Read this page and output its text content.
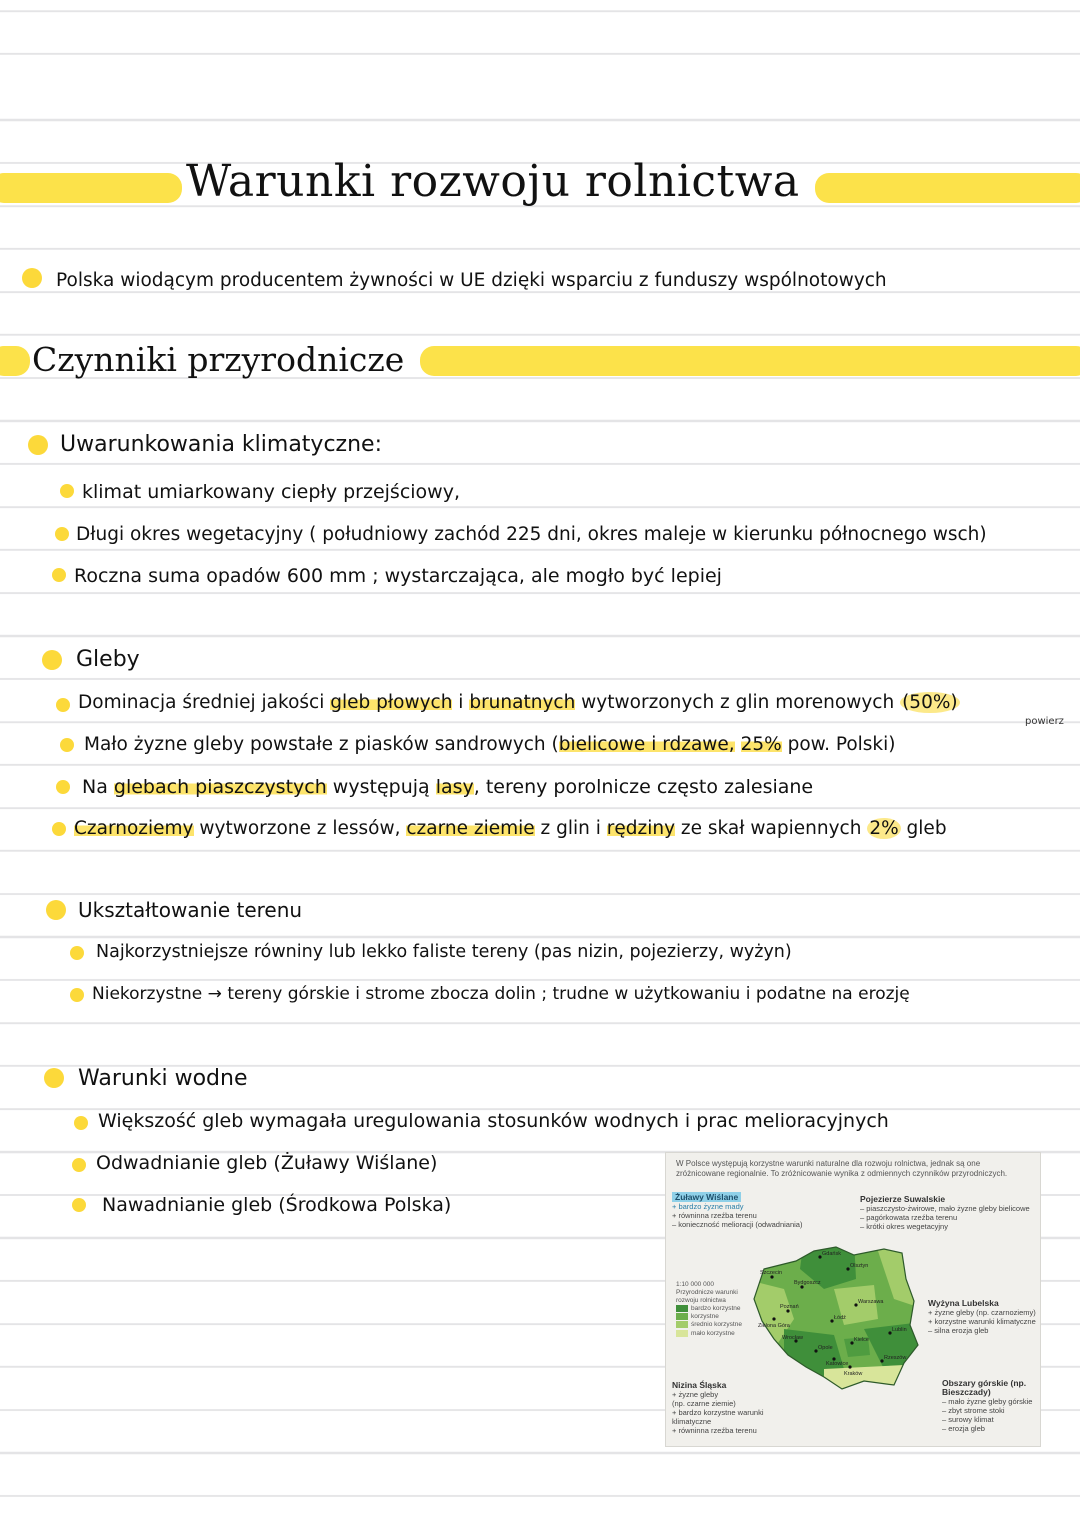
Warunki rozwoju rolnictwa
Polska wiodącym producentem żywności w UE dzięki wsparciu z funduszy wspólnotowych
Czynniki przyrodnicze
Uwarunkowania klimatyczne:
klimat umiarkowany ciepły przejściowy,
Długi okres wegetacyjny ( południowy zachód 225 dni, okres maleje w kierunku północnego wsch)
Roczna suma opadów 600 mm ; wystarczająca, ale mogło być lepiej
Gleby
Dominacja średniej jakości gleb płowych i brunatnych wytworzonych z glin morenowych (50%)
powierz
Mało żyzne gleby powstałe z piasków sandrowych (bielicowe i rdzawe, 25% pow. Polski)
Na glebach piaszczystych występują lasy, tereny porolnicze często zalesiane
Czarnoziemy wytworzone z lessów, czarne ziemie z glin i rędziny ze skał wapiennych 2% gleb
Ukształtowanie terenu
Najkorzystniejsze równiny lub lekko faliste tereny (pas nizin, pojezierzy, wyżyn)
Niekorzystne → tereny górskie i strome zbocza dolin ; trudne w użytkowaniu i podatne na erozję
Warunki wodne
Większość gleb wymagała uregulowania stosunków wodnych i prac melioracyjnych
Odwadnianie gleb (Żuławy Wiślane)
Nawadnianie gleb (Środkowa Polska)
W Polsce występują korzystne warunki naturalne dla rozwoju rolnictwa, jednak są one zróżnicowane regionalnie. To zróżnicowanie wynika z odmiennych czynników przyrodniczych.
Żuławy Wiślane
+ bardzo żyzne mady
+ równinna rzeźba terenu
– konieczność melioracji (odwadniania)
Pojezierze Suwalskie
– piaszczysto-żwirowe, mało żyzne gleby bielicowe
– pagórkowata rzeźba terenu
– krótki okres wegetacyjny
1:10 000 000
Przyrodnicze warunki rozwoju rolnictwa
bardzo korzystne
korzystne
średnio korzystne
mało korzystne
Gdańsk
Olsztyn
Szczecin
Bydgoszcz
Poznań
Warszawa
Łódź
Lublin
Kielce
Wrocław
Opole
Katowice
Kraków
Rzeszów
Zielona Góra
Wyżyna Lubelska
+ żyzne gleby (np. czarnoziemy)
+ korzystne warunki klimatyczne
– silna erozja gleb
Nizina Śląska
+ żyzne gleby
(np. czarne ziemie)
+ bardzo korzystne warunki klimatyczne
+ równinna rzeźba terenu
Obszary górskie (np. Bieszczady)
– mało żyzne gleby górskie
– zbyt strome stoki
– surowy klimat
– erozja gleb
